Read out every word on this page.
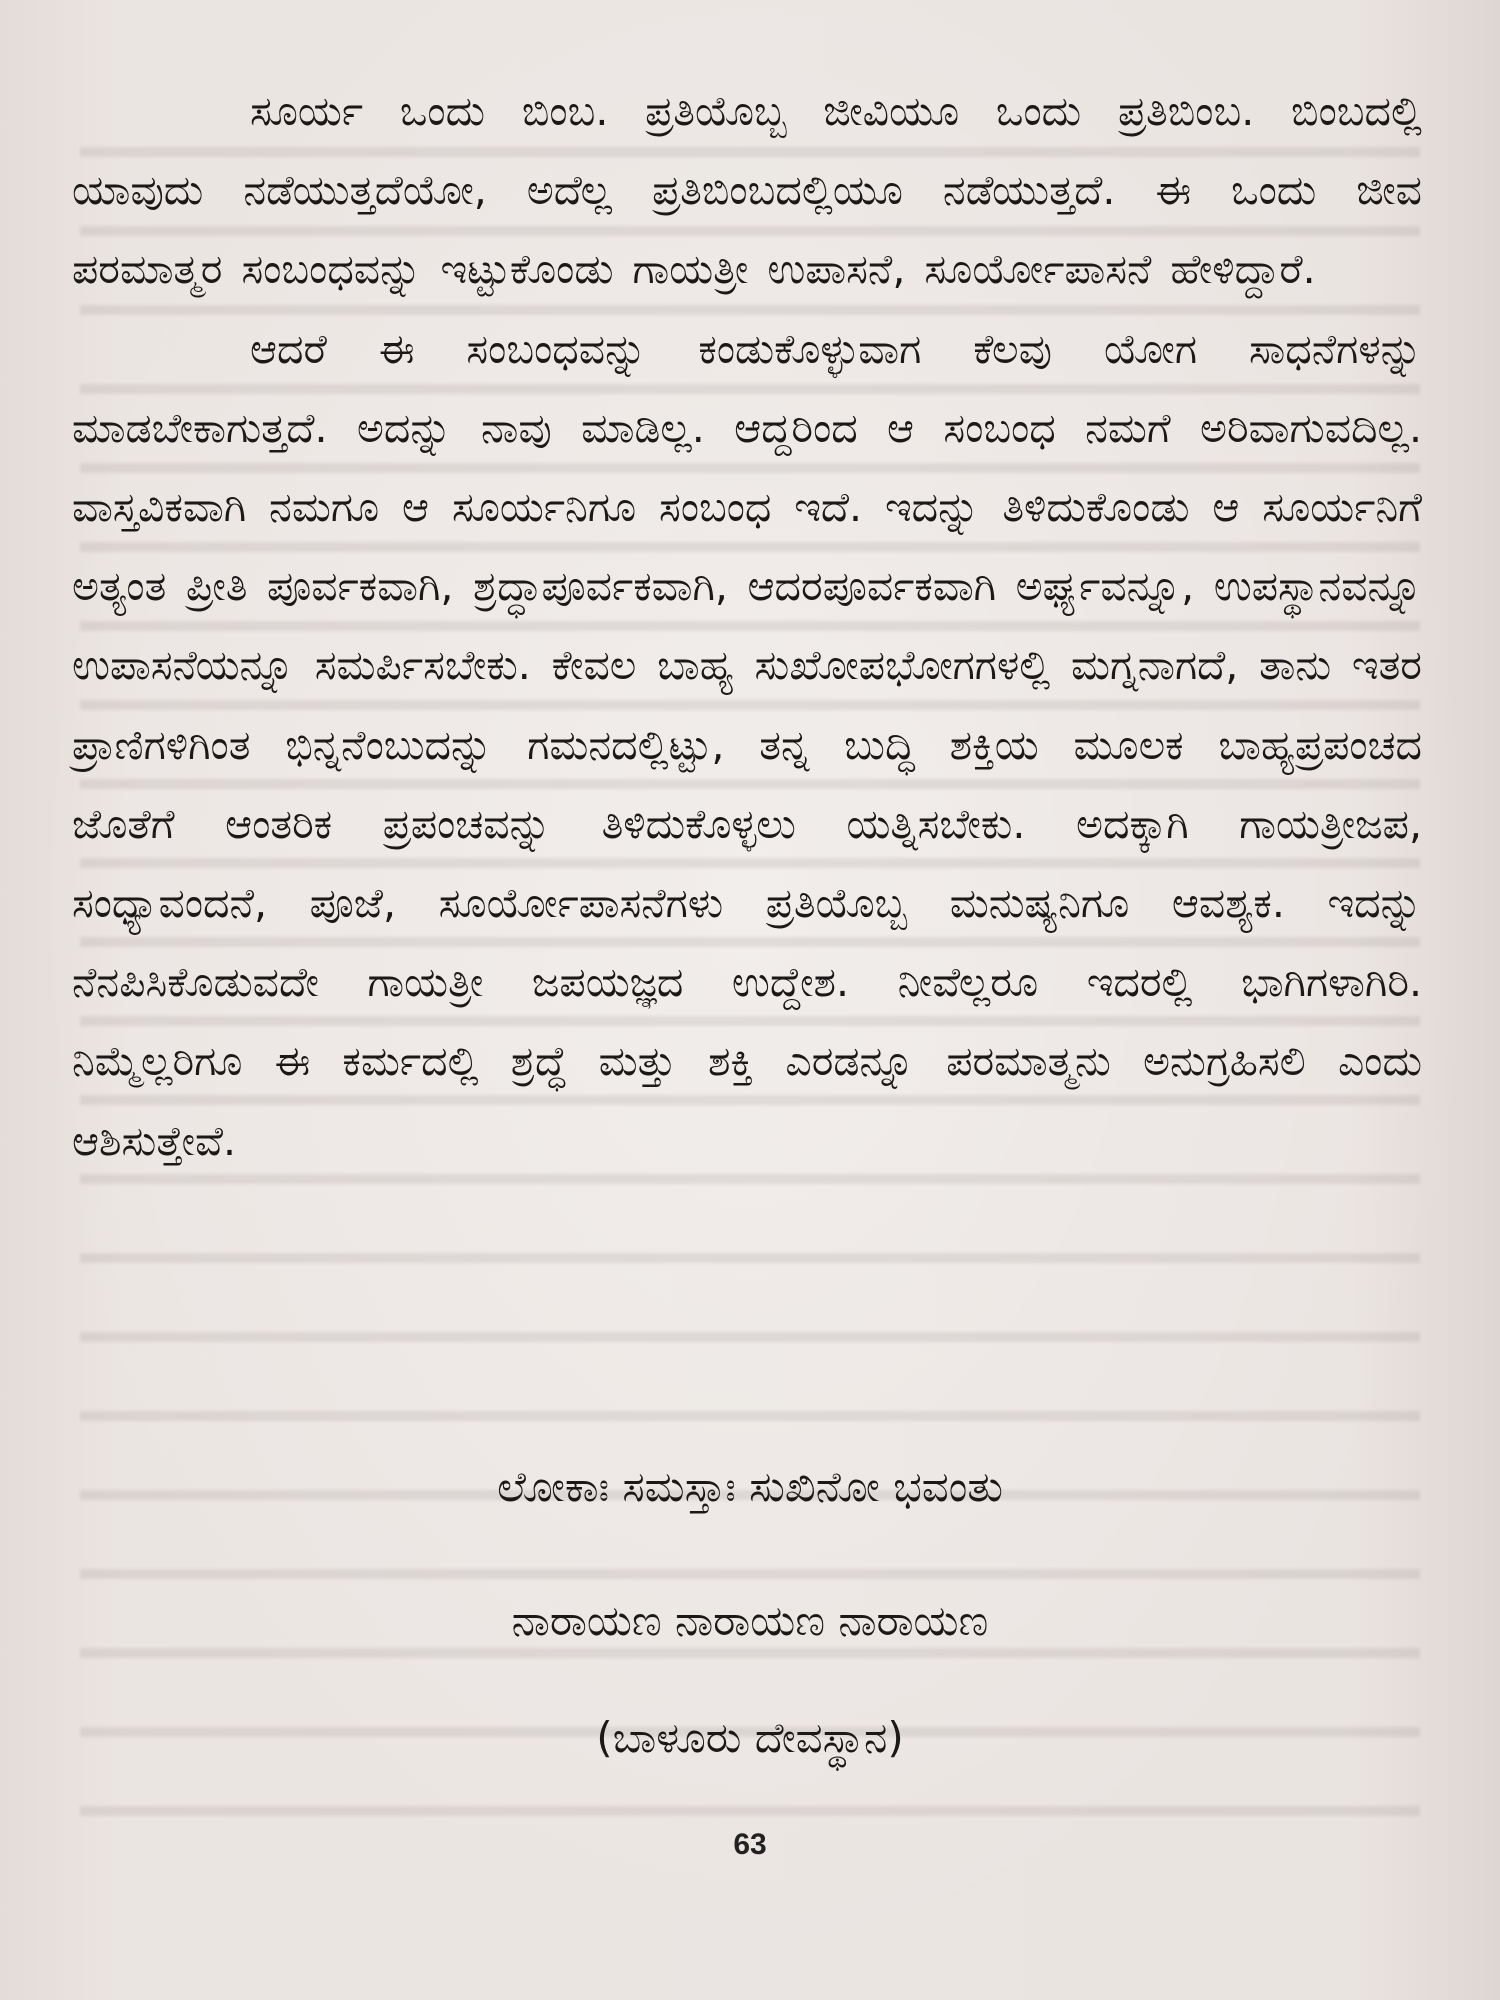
ಸೂರ್ಯ ಒಂದು ಬಿಂಬ. ಪ್ರತಿಯೊಬ್ಬ ಜೀವಿಯೂ ಒಂದು ಪ್ರತಿಬಿಂಬ. ಬಿಂಬದಲ್ಲಿ ಯಾವುದು ನಡೆಯುತ್ತದೆಯೋ, ಅದೆಲ್ಲ ಪ್ರತಿಬಿಂಬದಲ್ಲಿಯೂ ನಡೆಯುತ್ತದೆ. ಈ ಒಂದು ಜೀವ ಪರಮಾತ್ಮರ ಸಂಬಂಧವನ್ನು ಇಟ್ಟುಕೊಂಡು ಗಾಯತ್ರೀ ಉಪಾಸನೆ, ಸೂರ್ಯೋಪಾಸನೆ ಹೇಳಿದ್ದಾರೆ.

ಆದರೆ ಈ ಸಂಬಂಧವನ್ನು ಕಂಡುಕೊಳ್ಳುವಾಗ ಕೆಲವು ಯೋಗ ಸಾಧನೆಗಳನ್ನು ಮಾಡಬೇಕಾಗುತ್ತದೆ. ಅದನ್ನು ನಾವು ಮಾಡಿಲ್ಲ. ಆದ್ದರಿಂದ ಆ ಸಂಬಂಧ ನಮಗೆ ಅರಿವಾಗುವದಿಲ್ಲ. ವಾಸ್ತವಿಕವಾಗಿ ನಮಗೂ ಆ ಸೂರ್ಯನಿಗೂ ಸಂಬಂಧ ಇದೆ. ಇದನ್ನು ತಿಳಿದುಕೊಂಡು ಆ ಸೂರ್ಯನಿಗೆ ಅತ್ಯಂತ ಪ್ರೀತಿ ಪೂರ್ವಕವಾಗಿ, ಶ್ರದ್ಧಾಪೂರ್ವಕವಾಗಿ, ಆದರಪೂರ್ವಕವಾಗಿ ಅರ್ಘ್ಯವನ್ನೂ, ಉಪಸ್ಥಾನವನ್ನೂ ಉಪಾಸನೆಯನ್ನೂ ಸಮರ್ಪಿಸಬೇಕು. ಕೇವಲ ಬಾಹ್ಯ ಸುಖೋಪಭೋಗಗಳಲ್ಲಿ ಮಗ್ನನಾಗದೆ, ತಾನು ಇತರ ಪ್ರಾಣಿಗಳಿಗಿಂತ ಭಿನ್ನನೆಂಬುದನ್ನು ಗಮನದಲ್ಲಿಟ್ಟು, ತನ್ನ ಬುದ್ಧಿ ಶಕ್ತಿಯ ಮೂಲಕ ಬಾಹ್ಯಪ್ರಪಂಚದ ಜೊತೆಗೆ ಆಂತರಿಕ ಪ್ರಪಂಚವನ್ನು ತಿಳಿದುಕೊಳ್ಳಲು ಯತ್ನಿಸಬೇಕು. ಅದಕ್ಕಾಗಿ ಗಾಯತ್ರೀಜಪ, ಸಂಧ್ಯಾವಂದನೆ, ಪೂಜೆ, ಸೂರ್ಯೋಪಾಸನೆಗಳು ಪ್ರತಿಯೊಬ್ಬ ಮನುಷ್ಯನಿಗೂ ಆವಶ್ಯಕ. ಇದನ್ನು ನೆನಪಿಸಿಕೊಡುವದೇ ಗಾಯತ್ರೀ ಜಪಯಜ್ಞದ ಉದ್ದೇಶ. ನೀವೆಲ್ಲರೂ ಇದರಲ್ಲಿ ಭಾಗಿಗಳಾಗಿರಿ. ನಿಮ್ಮೆಲ್ಲರಿಗೂ ಈ ಕರ್ಮದಲ್ಲಿ ಶ್ರದ್ಧೆ ಮತ್ತು ಶಕ್ತಿ ಎರಡನ್ನೂ ಪರಮಾತ್ಮನು ಅನುಗ್ರಹಿಸಲಿ ಎಂದು ಆಶಿಸುತ್ತೇವೆ.

ಲೋಕಾಃ ಸಮಸ್ತಾಃ ಸುಖಿನೋ ಭವಂತು

ನಾರಾಯಣ ನಾರಾಯಣ ನಾರಾಯಣ

(ಬಾಳೂರು ದೇವಸ್ಥಾನ)

63
